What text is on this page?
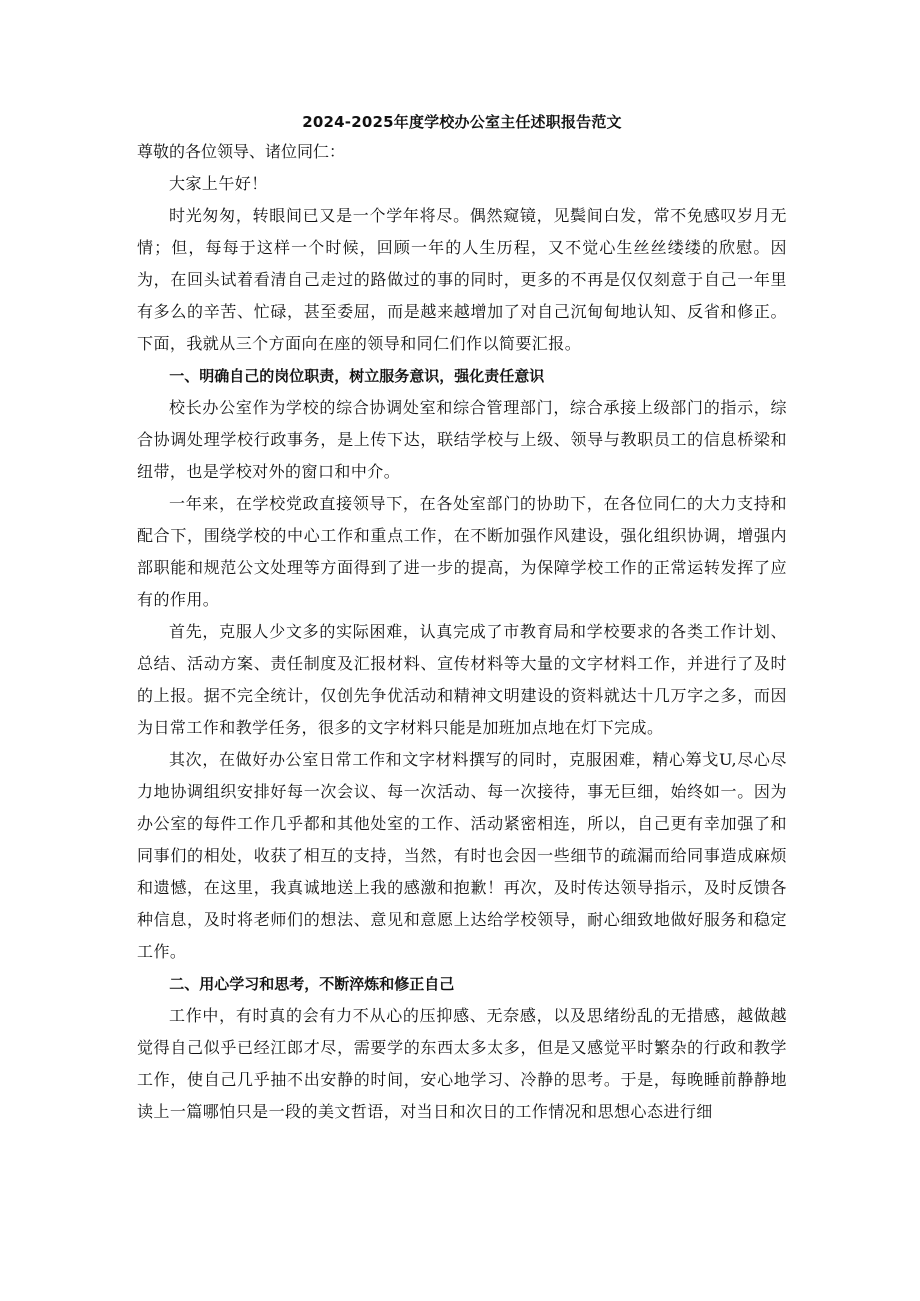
2024-2025年度学校办公室主任述职报告范文

尊敬的各位领导、诸位同仁：

大家上午好！

时光匆匆，转眼间已又是一个学年将尽。偶然窥镜，见鬓间白发，常不免感叹岁月无情；但，每每于这样一个时候，回顾一年的人生历程，又不觉心生丝丝缕缕的欣慰。因为，在回头试着看清自己走过的路做过的事的同时，更多的不再是仅仅刻意于自己一年里有多么的辛苦、忙碌，甚至委屈，而是越来越增加了对自己沉甸甸地认知、反省和修正。下面，我就从三个方面向在座的领导和同仁们作以简要汇报。

一、明确自己的岗位职责，树立服务意识，强化责任意识

校长办公室作为学校的综合协调处室和综合管理部门，综合承接上级部门的指示，综合协调处理学校行政事务，是上传下达，联结学校与上级、领导与教职员工的信息桥梁和纽带，也是学校对外的窗口和中介。

一年来，在学校党政直接领导下，在各处室部门的协助下，在各位同仁的大力支持和配合下，围绕学校的中心工作和重点工作，在不断加强作风建设，强化组织协调，增强内部职能和规范公文处理等方面得到了进一步的提高，为保障学校工作的正常运转发挥了应有的作用。

首先，克服人少文多的实际困难，认真完成了市教育局和学校要求的各类工作计划、总结、活动方案、责任制度及汇报材料、宣传材料等大量的文字材料工作，并进行了及时的上报。据不完全统计，仅创先争优活动和精神文明建设的资料就达十几万字之多，而因为日常工作和教学任务，很多的文字材料只能是加班加点地在灯下完成。

其次，在做好办公室日常工作和文字材料撰写的同时，克服困难，精心筹戈U,尽心尽力地协调组织安排好每一次会议、每一次活动、每一次接待，事无巨细，始终如一。因为办公室的每件工作几乎都和其他处室的工作、活动紧密相连，所以，自己更有幸加强了和同事们的相处，收获了相互的支持，当然，有时也会因一些细节的疏漏而给同事造成麻烦和遗憾，在这里，我真诚地送上我的感激和抱歉！再次，及时传达领导指示，及时反馈各种信息，及时将老师们的想法、意见和意愿上达给学校领导，耐心细致地做好服务和稳定工作。

二、用心学习和思考，不断淬炼和修正自己

工作中，有时真的会有力不从心的压抑感、无奈感，以及思绪纷乱的无措感，越做越觉得自己似乎已经江郎才尽，需要学的东西太多太多，但是又感觉平时繁杂的行政和教学工作，使自己几乎抽不出安静的时间，安心地学习、冷静的思考。于是，每晚睡前静静地读上一篇哪怕只是一段的美文哲语，对当日和次日的工作情况和思想心态进行细
